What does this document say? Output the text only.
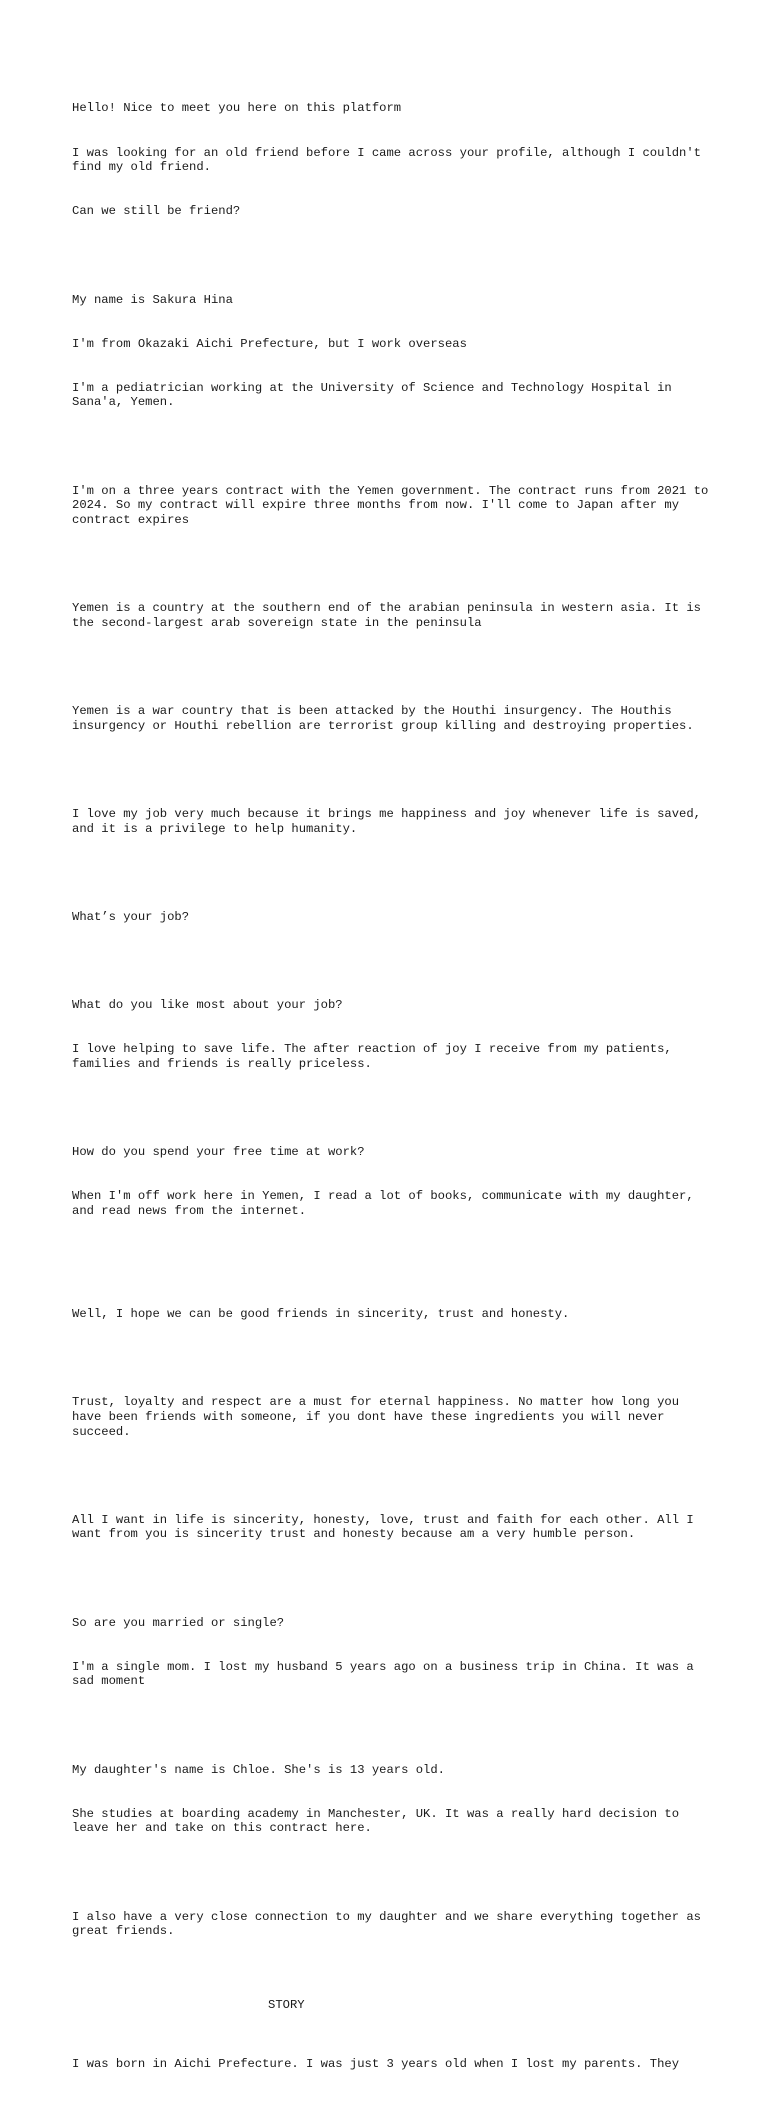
Hello! Nice to meet you here on this platform

I was looking for an old friend before I came across your profile, although I couldn't find my old friend.

Can we still be friend?

My name is Sakura Hina

I'm from Okazaki Aichi Prefecture, but I work overseas

I'm a pediatrician working at the University of Science and Technology Hospital in Sana'a, Yemen.

I'm on a three years contract with the Yemen government. The contract runs from 2021 to 2024. So my contract will expire three months from now. I'll come to Japan after my contract expires

Yemen is a country at the southern end of the arabian peninsula in western asia. It is the second-largest arab sovereign state in the peninsula

Yemen is a war country that is been attacked by the Houthi insurgency. The Houthis insurgency or Houthi rebellion are terrorist group killing and destroying properties.

I love my job very much because it brings me happiness and joy whenever life is saved, and it is a privilege to help humanity.

What’s your job?

What do you like most about your job?

I love helping to save life. The after reaction of joy I receive from my patients, families and friends is really priceless.

How do you spend your free time at work?

When I'm off work here in Yemen, I read a lot of books, communicate with my daughter, and read news from the internet.

Well, I hope we can be good friends in sincerity, trust and honesty.

Trust, loyalty and respect are a must for eternal happiness. No matter how long you have been friends with someone, if you dont have these ingredients you will never succeed.

All I want in life is sincerity, honesty, love, trust and faith for each other. All I want from you is sincerity trust and honesty because am a very humble person.

So are you married or single?

I'm a single mom. I lost my husband 5 years ago on a business trip in China. It was a sad moment

My daughter's name is Chloe. She's is 13 years old.

She studies at boarding academy in Manchester, UK. It was a really hard decision to leave her and take on this contract here.

I also have a very close connection to my daughter and we share everything together as great friends.

STORY

I was born in Aichi Prefecture. I was just 3 years old when I lost my parents. They
